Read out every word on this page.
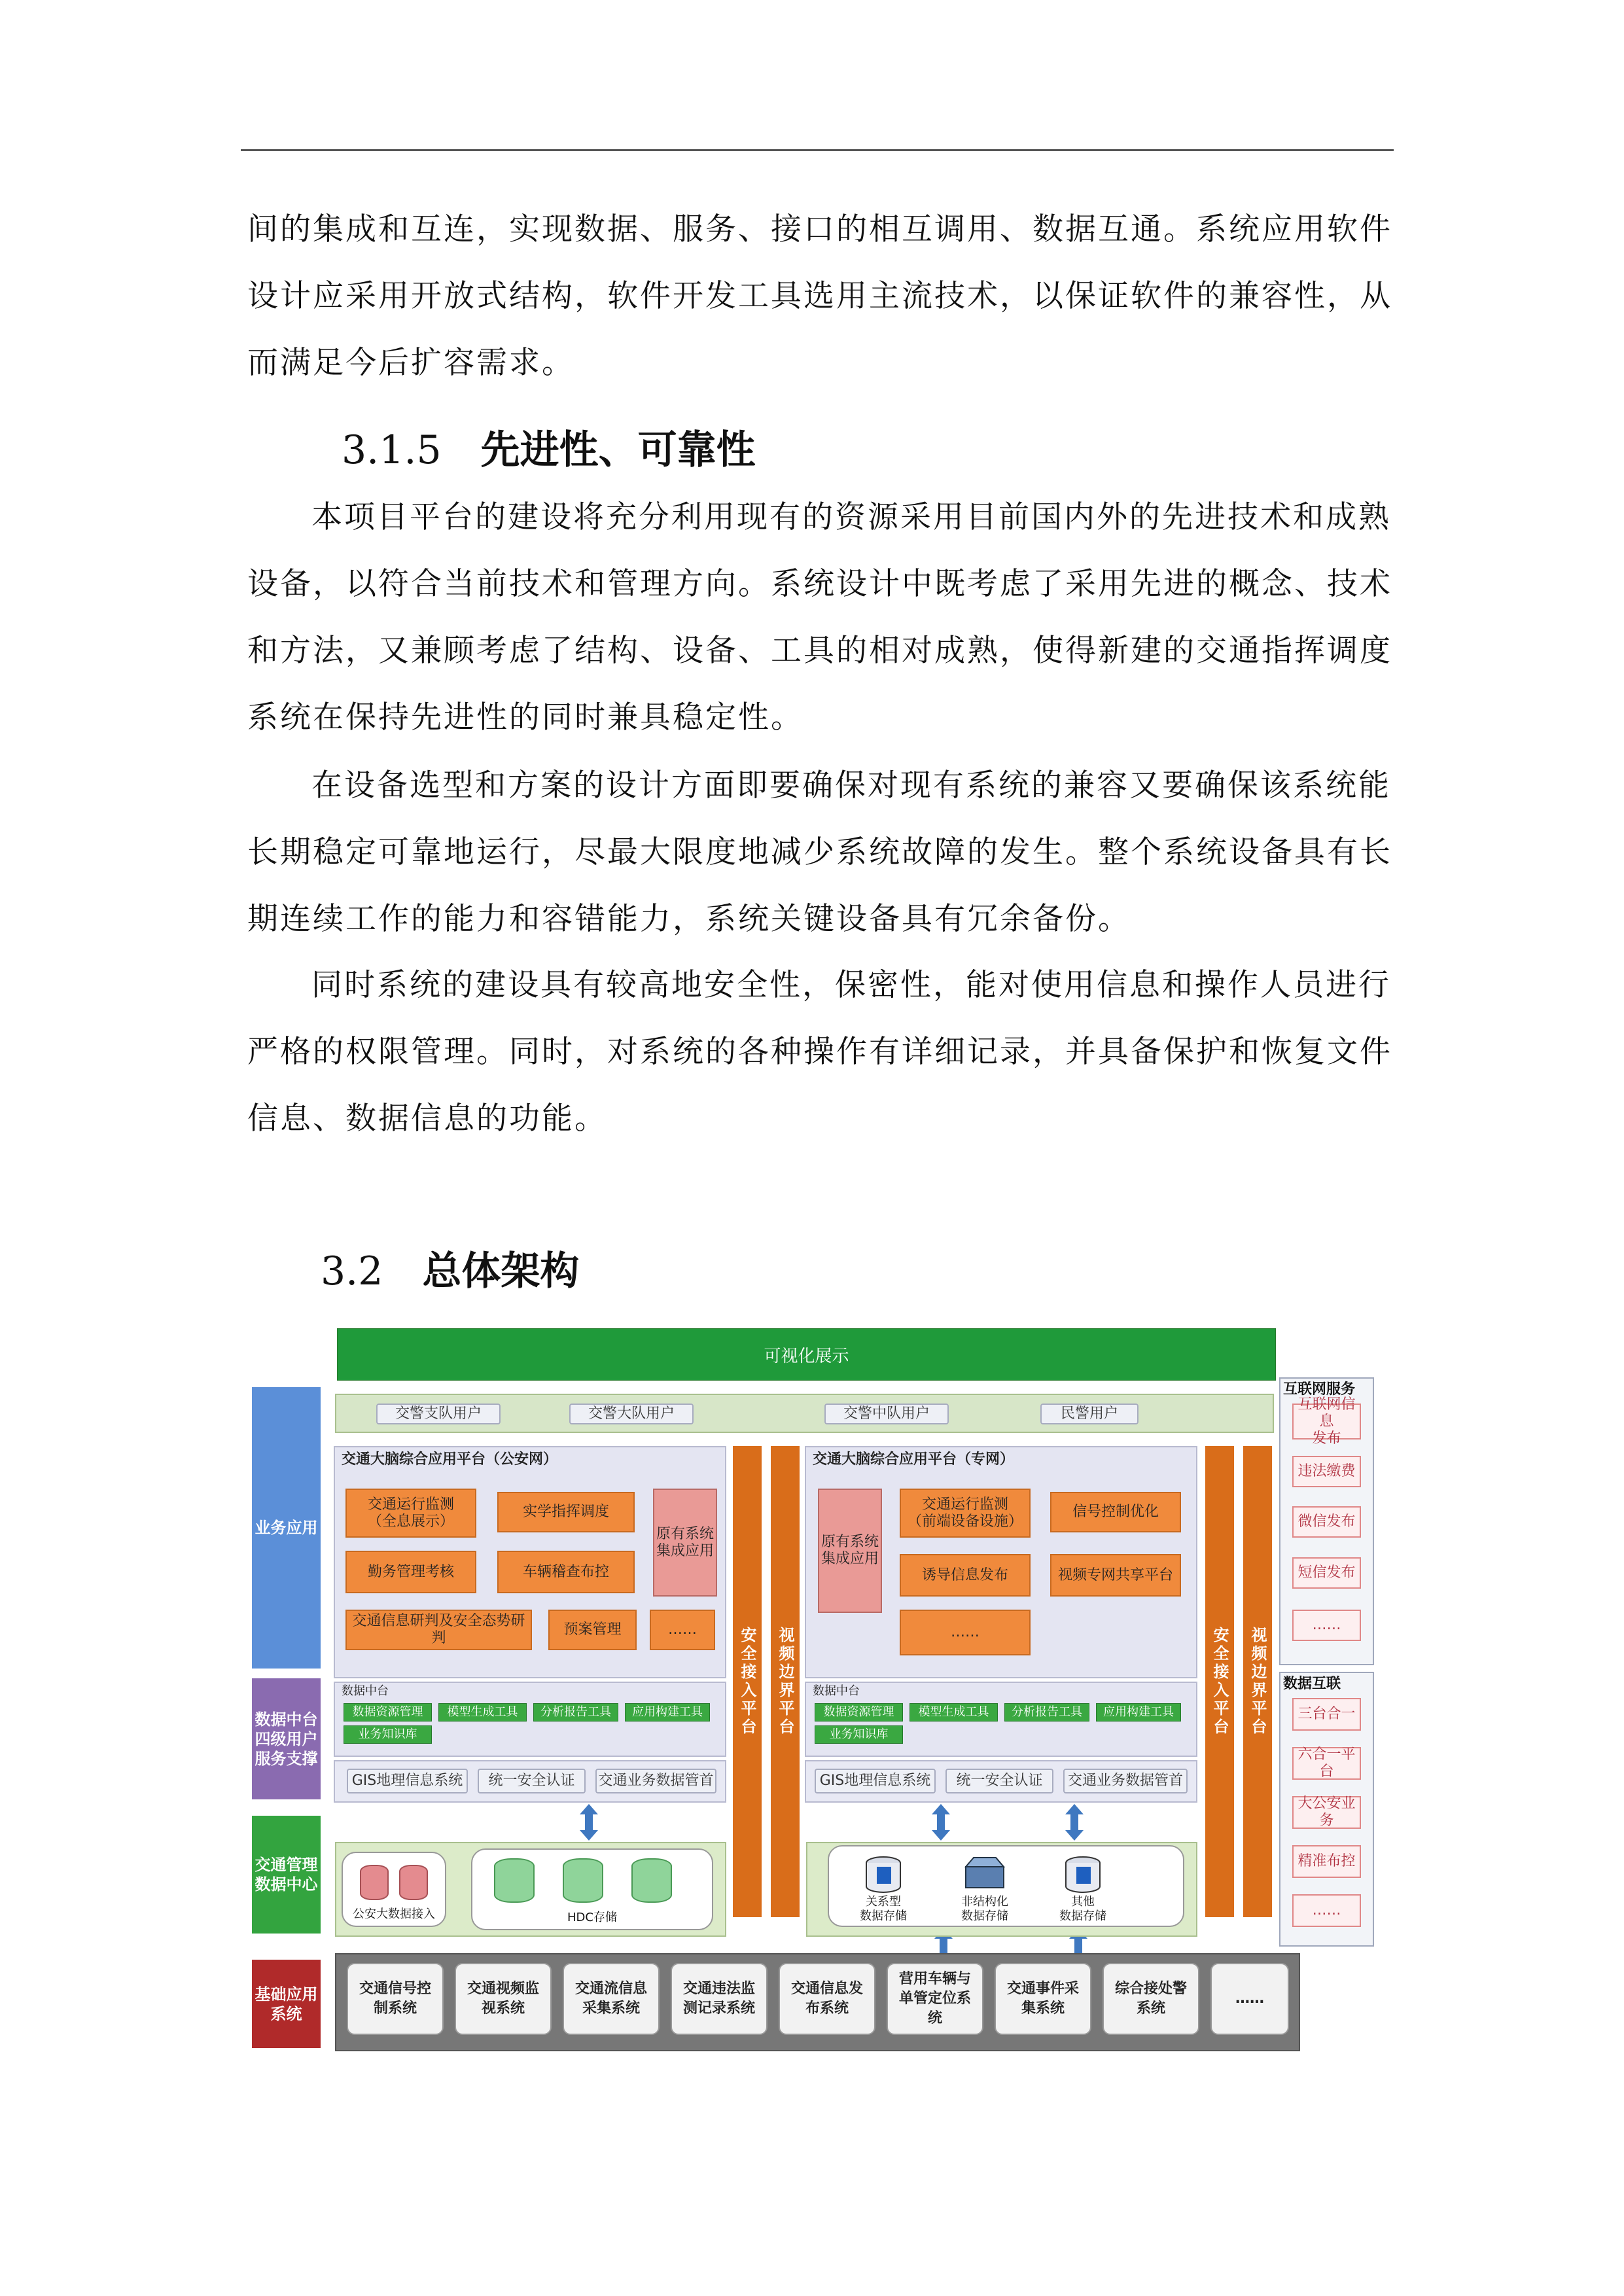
间的集成和互连，实现数据、服务、接口的相互调用、数据互通。系统应用软件设计应采用开放式结构，软件开发工具选用主流技术，以保证软件的兼容性，从而满足今后扩容需求。

3.1.5 先进性、可靠性

本项目平台的建设将充分利用现有的资源采用目前国内外的先进技术和成熟设备，以符合当前技术和管理方向。系统设计中既考虑了采用先进的概念、技术和方法，又兼顾考虑了结构、设备、工具的相对成熟，使得新建的交通指挥调度系统在保持先进性的同时兼具稳定性。

在设备选型和方案的设计方面即要确保对现有系统的兼容又要确保该系统能长期稳定可靠地运行，尽最大限度地减少系统故障的发生。整个系统设备具有长期连续工作的能力和容错能力，系统关键设备具有冗余备份。

同时系统的建设具有较高地安全性，保密性，能对使用信息和操作人员进行严格的权限管理。同时，对系统的各种操作有详细记录，并具备保护和恢复文件信息、数据信息的功能。

3.2 总体架构
可视化展示
交警支队用户	交警大队用户	交警中队用户	民警用户
业务应用
数据中台
四级用户
服务支撑
交通管理
数据中心
基础应用
系统
交通大脑综合应用平台（公安网）
交通运行监测
（全息展示）
实学指挥调度
勤务管理考核	车辆稽查布控
交通信息研判及安全态势研判
预案管理	……
原有系统
集成应用
安全接入平台 视频边界平台	安全接入平台 视频边界平台
交通大脑综合应用平台（专网）
原有系统
集成应用
交通运行监测
（前端设备设施）
信号控制优化
诱导信息发布	视频专网共享平台
……
数据中台
数据资源管理 模型生成工具 分析报告工具 应用构建工具
业务知识库
数据中台
数据资源管理 模型生成工具 分析报告工具 应用构建工具
业务知识库
GIS地理信息系统 统一安全认证 交通业务数据管首	GIS地理信息系统 统一安全认证 交通业务数据管首
公安大数据接入	HDC存储
关系型
数据存储
非结构化
数据存储
其他
数据存储
交通信号控
制系统
交通视频监
视系统
交通流信息
采集系统
交通违法监
测记录系统
交通信息发
布系统
营用车辆与
单管定位系
统
交通事件采
集系统
综合接处警
系统
……
互联网服务
互联网信息
发布
违法缴费
微信发布
短信发布
……
数据互联
三台合一
六合一平台
大公安业务
精准布控
……
